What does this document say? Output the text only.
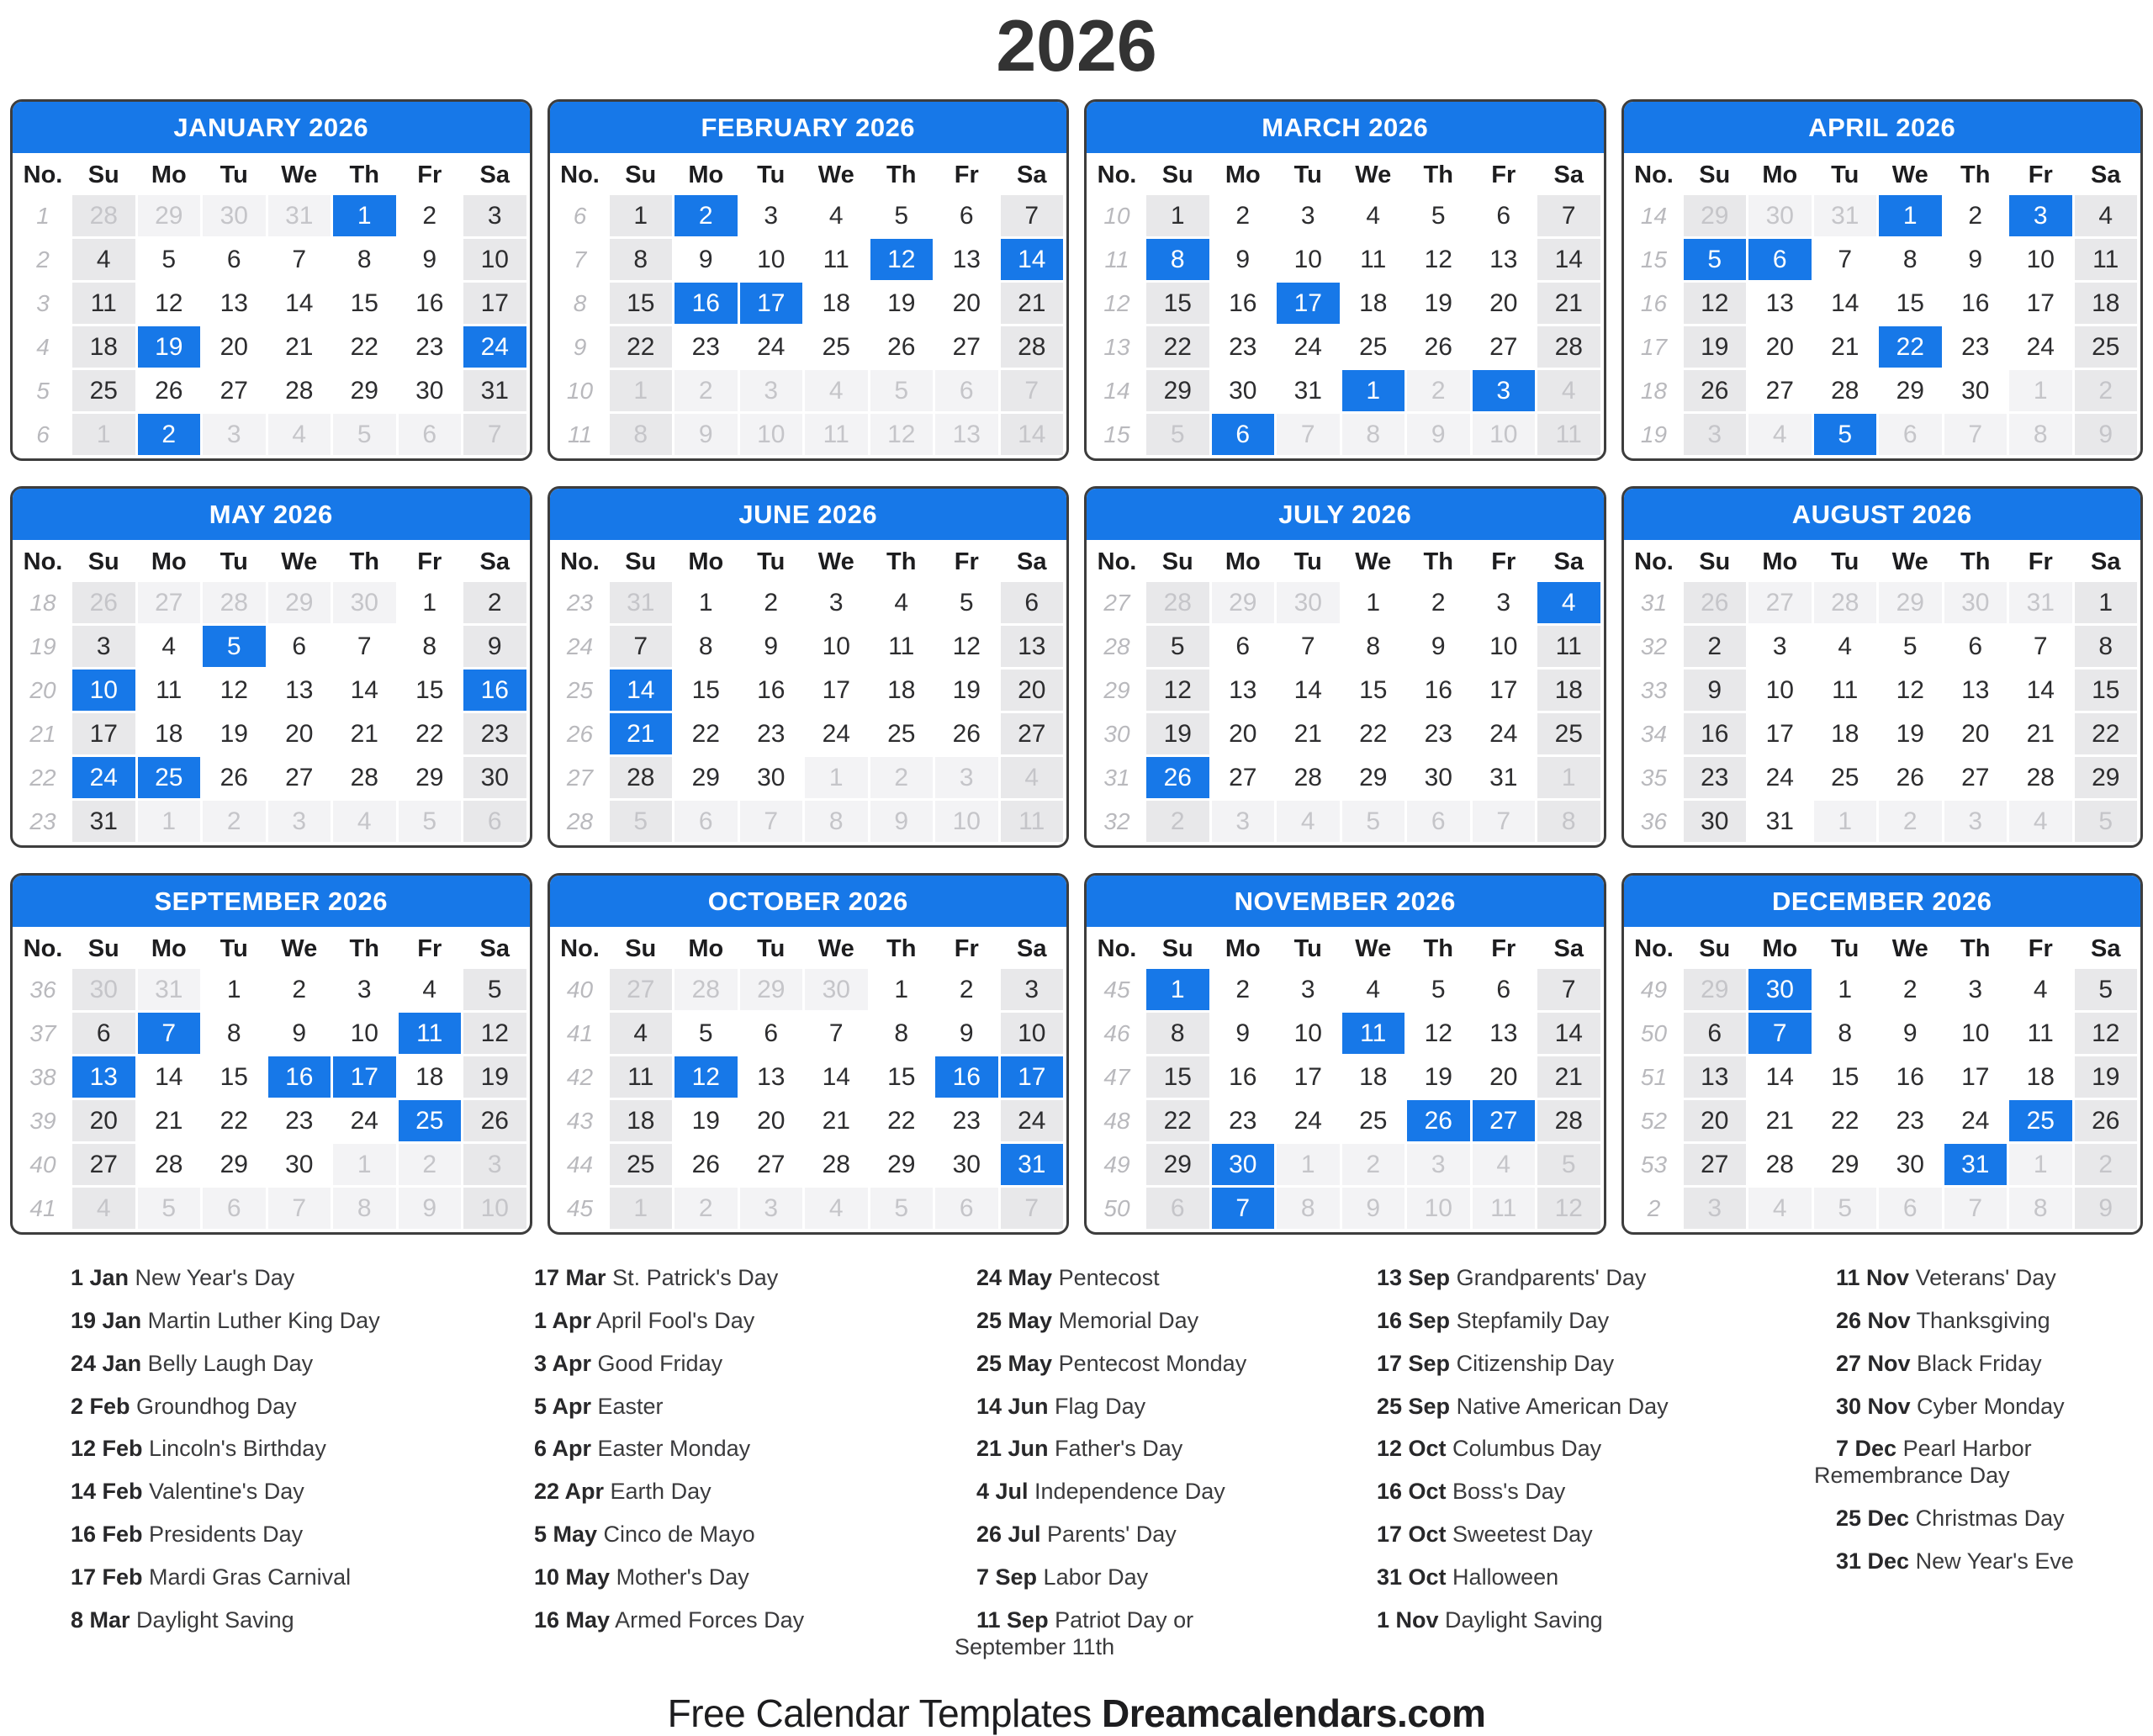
2026
JANUARY 2026
No.	Su	Mo	Tu	We	Th	Fr	Sa
1	28	29	30	31	1	2	3
2	4	5	6	7	8	9	10
3	11	12	13	14	15	16	17
4	18	19	20	21	22	23	24
5	25	26	27	28	29	30	31
6	1	2	3	4	5	6	7
FEBRUARY 2026
No.	Su	Mo	Tu	We	Th	Fr	Sa
6	1	2	3	4	5	6	7
7	8	9	10	11	12	13	14
8	15	16	17	18	19	20	21
9	22	23	24	25	26	27	28
10	1	2	3	4	5	6	7
11	8	9	10	11	12	13	14
MARCH 2026
No.	Su	Mo	Tu	We	Th	Fr	Sa
10	1	2	3	4	5	6	7
11	8	9	10	11	12	13	14
12	15	16	17	18	19	20	21
13	22	23	24	25	26	27	28
14	29	30	31	1	2	3	4
15	5	6	7	8	9	10	11
APRIL 2026
No.	Su	Mo	Tu	We	Th	Fr	Sa
14	29	30	31	1	2	3	4
15	5	6	7	8	9	10	11
16	12	13	14	15	16	17	18
17	19	20	21	22	23	24	25
18	26	27	28	29	30	1	2
19	3	4	5	6	7	8	9
MAY 2026
No.	Su	Mo	Tu	We	Th	Fr	Sa
18	26	27	28	29	30	1	2
19	3	4	5	6	7	8	9
20	10	11	12	13	14	15	16
21	17	18	19	20	21	22	23
22	24	25	26	27	28	29	30
23	31	1	2	3	4	5	6
JUNE 2026
No.	Su	Mo	Tu	We	Th	Fr	Sa
23	31	1	2	3	4	5	6
24	7	8	9	10	11	12	13
25	14	15	16	17	18	19	20
26	21	22	23	24	25	26	27
27	28	29	30	1	2	3	4
28	5	6	7	8	9	10	11
JULY 2026
No.	Su	Mo	Tu	We	Th	Fr	Sa
27	28	29	30	1	2	3	4
28	5	6	7	8	9	10	11
29	12	13	14	15	16	17	18
30	19	20	21	22	23	24	25
31	26	27	28	29	30	31	1
32	2	3	4	5	6	7	8
AUGUST 2026
No.	Su	Mo	Tu	We	Th	Fr	Sa
31	26	27	28	29	30	31	1
32	2	3	4	5	6	7	8
33	9	10	11	12	13	14	15
34	16	17	18	19	20	21	22
35	23	24	25	26	27	28	29
36	30	31	1	2	3	4	5
SEPTEMBER 2026
No.	Su	Mo	Tu	We	Th	Fr	Sa
36	30	31	1	2	3	4	5
37	6	7	8	9	10	11	12
38	13	14	15	16	17	18	19
39	20	21	22	23	24	25	26
40	27	28	29	30	1	2	3
41	4	5	6	7	8	9	10
OCTOBER 2026
No.	Su	Mo	Tu	We	Th	Fr	Sa
40	27	28	29	30	1	2	3
41	4	5	6	7	8	9	10
42	11	12	13	14	15	16	17
43	18	19	20	21	22	23	24
44	25	26	27	28	29	30	31
45	1	2	3	4	5	6	7
NOVEMBER 2026
No.	Su	Mo	Tu	We	Th	Fr	Sa
45	1	2	3	4	5	6	7
46	8	9	10	11	12	13	14
47	15	16	17	18	19	20	21
48	22	23	24	25	26	27	28
49	29	30	1	2	3	4	5
50	6	7	8	9	10	11	12
DECEMBER 2026
No.	Su	Mo	Tu	We	Th	Fr	Sa
49	29	30	1	2	3	4	5
50	6	7	8	9	10	11	12
51	13	14	15	16	17	18	19
52	20	21	22	23	24	25	26
53	27	28	29	30	31	1	2
2	3	4	5	6	7	8	9
1 Jan New Year's Day
19 Jan Martin Luther King Day
24 Jan Belly Laugh Day
2 Feb Groundhog Day
12 Feb Lincoln's Birthday
14 Feb Valentine's Day
16 Feb Presidents Day
17 Feb Mardi Gras Carnival
8 Mar Daylight Saving
17 Mar St. Patrick's Day
1 Apr April Fool's Day
3 Apr Good Friday
5 Apr Easter
6 Apr Easter Monday
22 Apr Earth Day
5 May Cinco de Mayo
10 May Mother's Day
16 May Armed Forces Day
24 May Pentecost
25 May Memorial Day
25 May Pentecost Monday
14 Jun Flag Day
21 Jun Father's Day
4 Jul Independence Day
26 Jul Parents' Day
7 Sep Labor Day
11 Sep Patriot Day or September 11th
13 Sep Grandparents' Day
16 Sep Stepfamily Day
17 Sep Citizenship Day
25 Sep Native American Day
12 Oct Columbus Day
16 Oct Boss's Day
17 Oct Sweetest Day
31 Oct Halloween
1 Nov Daylight Saving
11 Nov Veterans' Day
26 Nov Thanksgiving
27 Nov Black Friday
30 Nov Cyber Monday
7 Dec Pearl Harbor Remembrance Day
25 Dec Christmas Day
31 Dec New Year's Eve
Free Calendar Templates Dreamcalendars.com
